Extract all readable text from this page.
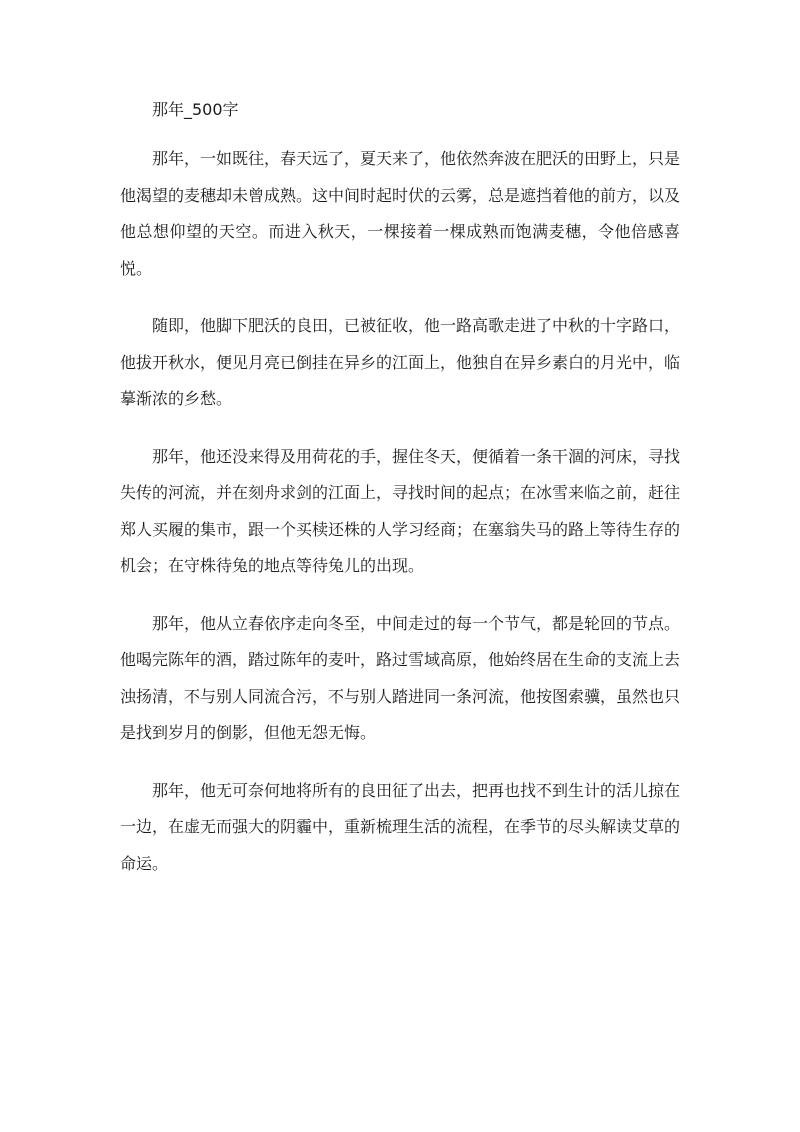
那年_500字

那年，一如既往，春天远了，夏天来了，他依然奔波在肥沃的田野上，只是他渴望的麦穗却未曾成熟。这中间时起时伏的云雾，总是遮挡着他的前方，以及他总想仰望的天空。而进入秋天，一棵接着一棵成熟而饱满麦穗，令他倍感喜悦。

随即，他脚下肥沃的良田，已被征收，他一路高歌走进了中秋的十字路口，他拔开秋水，便见月亮已倒挂在异乡的江面上，他独自在异乡素白的月光中，临摹渐浓的乡愁。

那年，他还没来得及用荷花的手，握住冬天，便循着一条干涸的河床，寻找失传的河流，并在刻舟求剑的江面上，寻找时间的起点；在冰雪来临之前，赶往郑人买履的集市，跟一个买椟还株的人学习经商；在塞翁失马的路上等待生存的机会；在守株待兔的地点等待兔儿的出现。

那年，他从立春依序走向冬至，中间走过的每一个节气，都是轮回的节点。他喝完陈年的酒，踏过陈年的麦叶，路过雪域高原，他始终居在生命的支流上去浊扬清，不与别人同流合污，不与别人踏进同一条河流，他按图索骥，虽然也只是找到岁月的倒影，但他无怨无悔。

那年，他无可奈何地将所有的良田征了出去，把再也找不到生计的活儿掠在一边，在虚无而强大的阴霾中，重新梳理生活的流程，在季节的尽头解读艾草的命运。
